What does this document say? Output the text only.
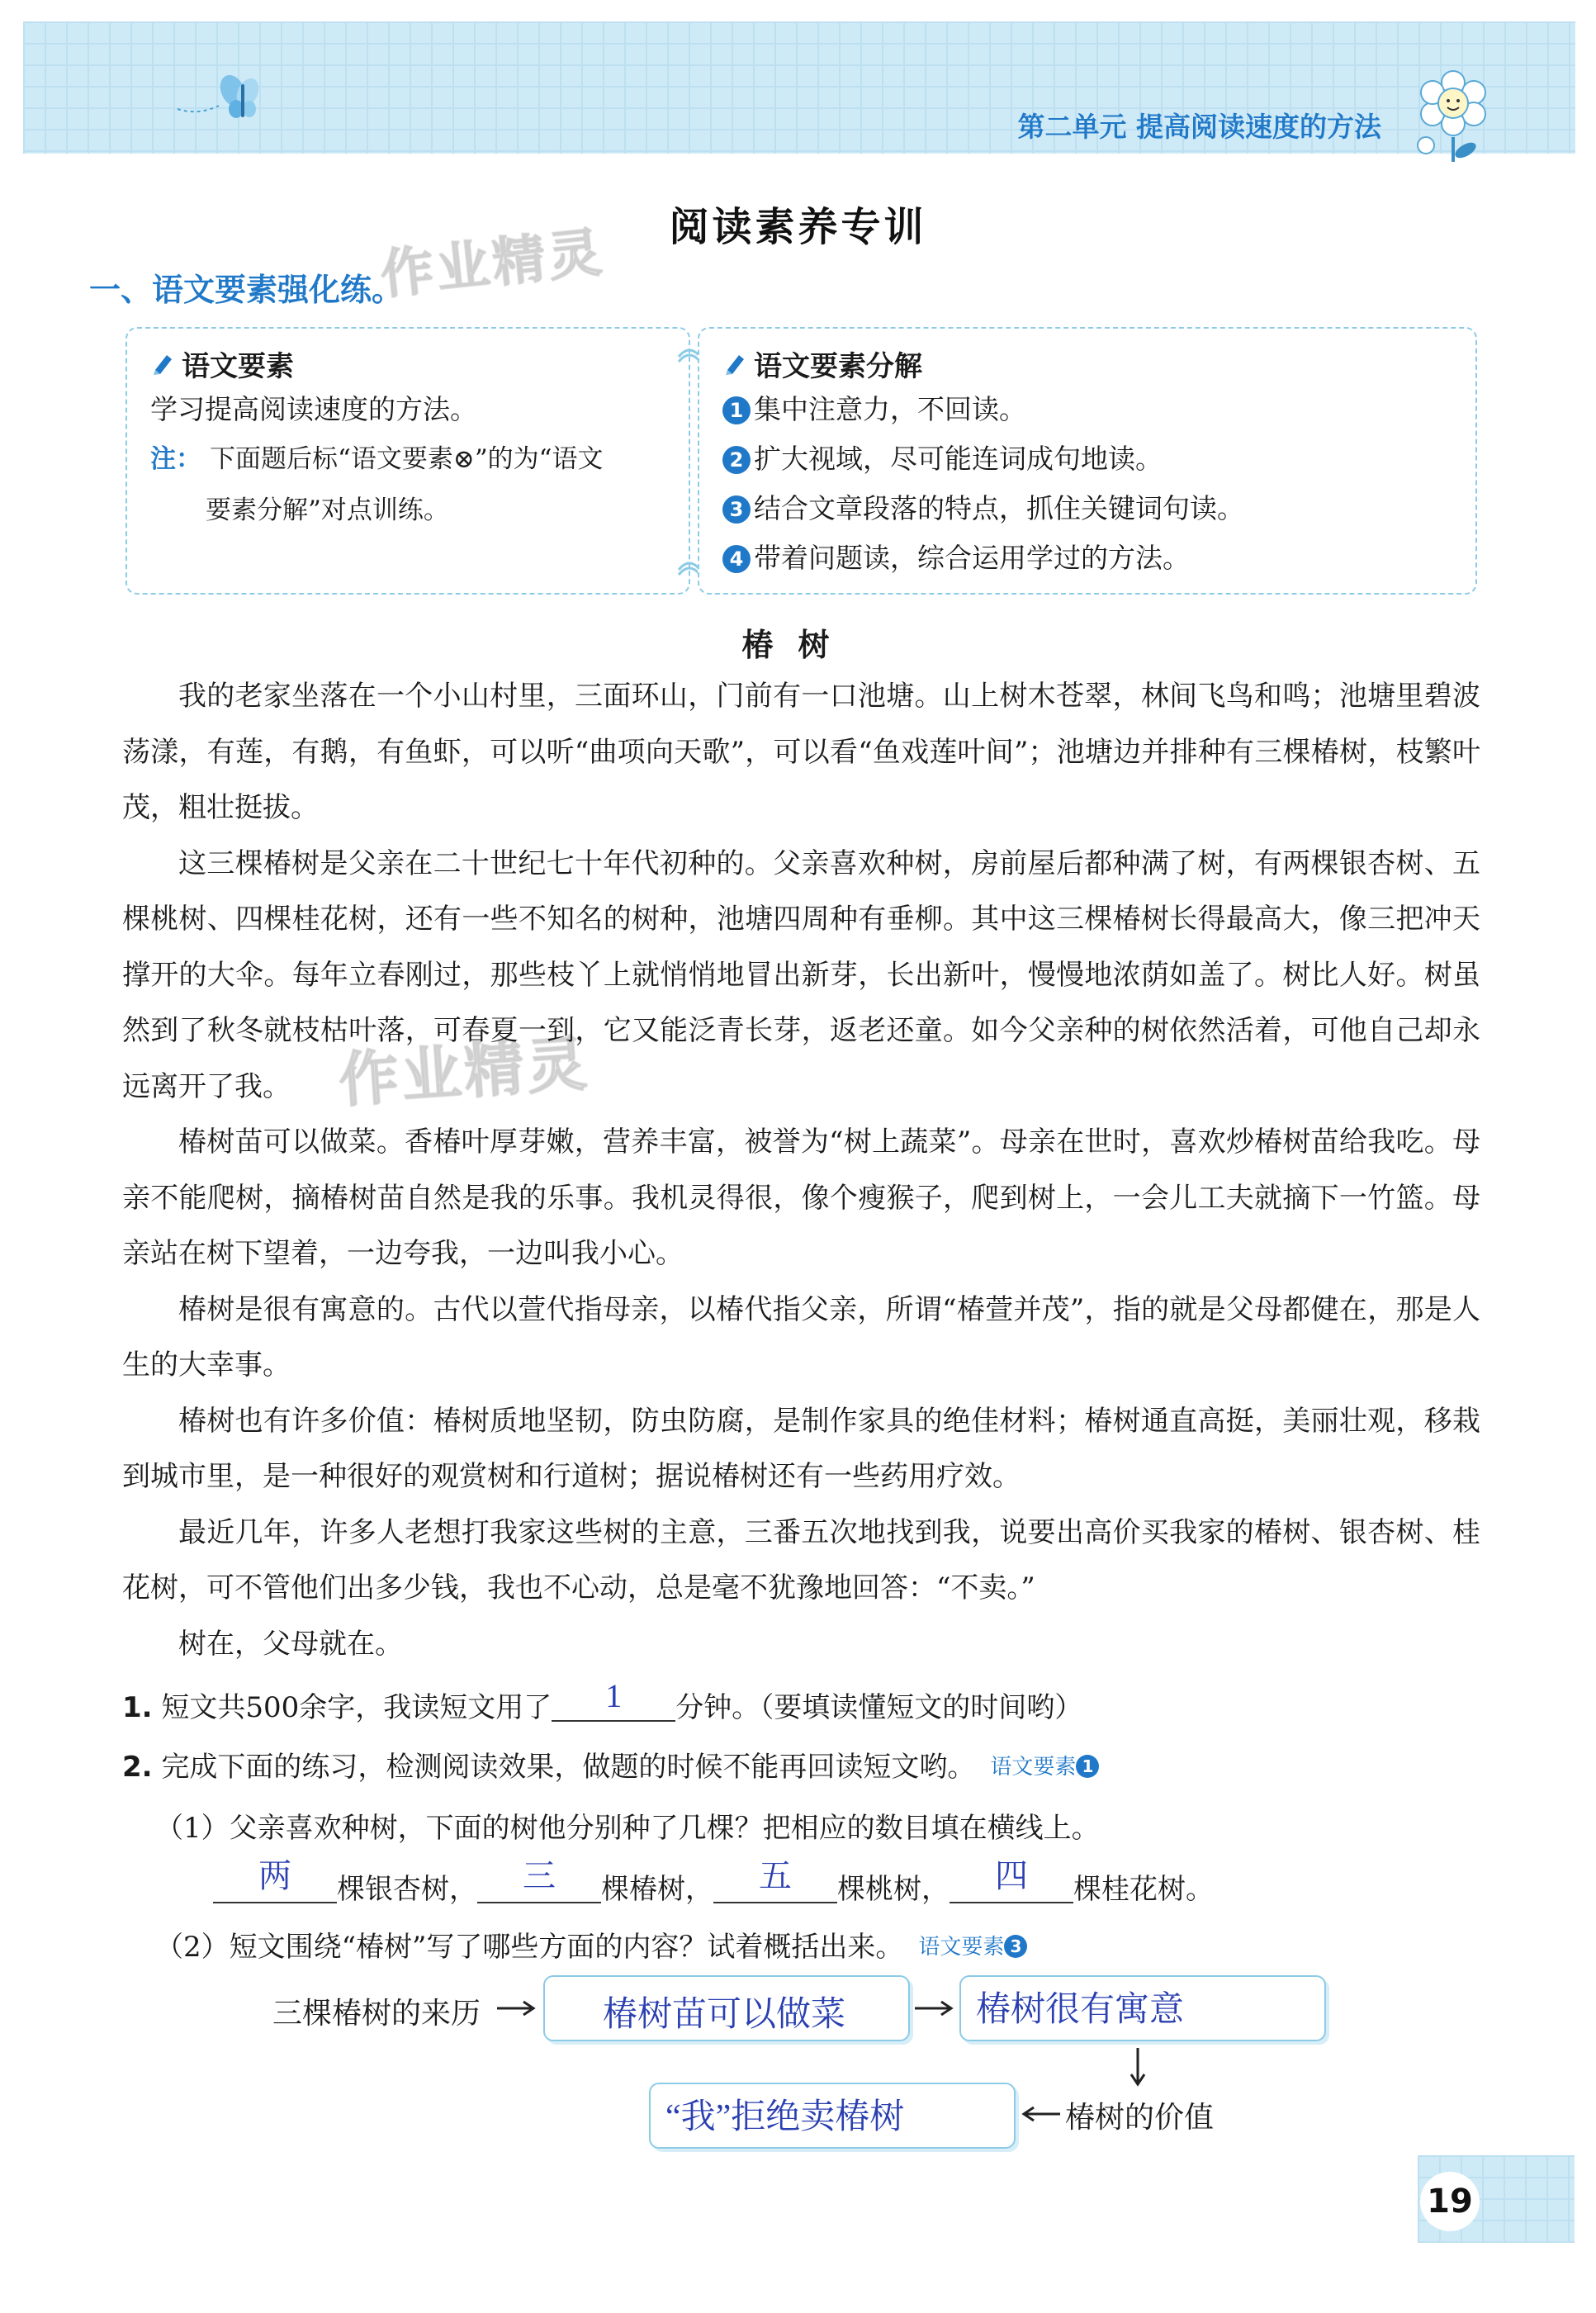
第二单元 提高阅读速度的方法
作业精灵
作业精灵
阅读素养专训
一、语文要素强化练。
语文要素
学习提高阅读速度的方法。
注： 下面题后标“语文要素⊗”的为“语文
要素分解”对点训练。
语文要素分解
1 集中注意力，不回读。
2 扩大视域，尽可能连词成句地读。
3 结合文章段落的特点，抓住关键词句读。
4 带着问题读，综合运用学过的方法。
椿树

我的老家坐落在一个小山村里，三面环山，门前有一口池塘。山上树木苍翠，林间飞鸟和鸣；池塘里碧波荡漾，有莲，有鹅，有鱼虾，可以听“曲项向天歌”，可以看“鱼戏莲叶间”；池塘边并排种有三棵椿树，枝繁叶茂，粗壮挺拔。

这三棵椿树是父亲在二十世纪七十年代初种的。父亲喜欢种树，房前屋后都种满了树，有两棵银杏树、五棵桃树、四棵桂花树，还有一些不知名的树种，池塘四周种有垂柳。其中这三棵椿树长得最高大，像三把冲天撑开的大伞。每年立春刚过，那些枝丫上就悄悄地冒出新芽，长出新叶，慢慢地浓荫如盖了。树比人好。树虽然到了秋冬就枝枯叶落，可春夏一到，它又能泛青长芽，返老还童。如今父亲种的树依然活着，可他自己却永远离开了我。

椿树苗可以做菜。香椿叶厚芽嫩，营养丰富，被誉为“树上蔬菜”。母亲在世时，喜欢炒椿树苗给我吃。母亲不能爬树，摘椿树苗自然是我的乐事。我机灵得很，像个瘦猴子，爬到树上，一会儿工夫就摘下一竹篮。母亲站在树下望着，一边夸我，一边叫我小心。

椿树是很有寓意的。古代以萱代指母亲，以椿代指父亲，所谓“椿萱并茂”，指的就是父母都健在，那是人生的大幸事。

椿树也有许多价值：椿树质地坚韧，防虫防腐，是制作家具的绝佳材料；椿树通直高挺，美丽壮观，移栽到城市里，是一种很好的观赏树和行道树；据说椿树还有一些药用疗效。

最近几年，许多人老想打我家这些树的主意，三番五次地找到我，说要出高价买我家的椿树、银杏树、桂花树，可不管他们出多少钱，我也不心动，总是毫不犹豫地回答：“不卖。”

树在，父母就在。

1. 短文共500余字，我读短文用了	1	分钟。（要填读懂短文的时间哟）
2. 完成下面的练习，检测阅读效果，做题的时候不能再回读短文哟。 语文要素 1
（1）父亲喜欢种树，下面的树他分别种了几棵？把相应的数目填在横线上。
两	棵银杏树，	三	棵椿树，	五	棵桃树，	四	棵桂花树。
（2）短文围绕“椿树”写了哪些方面的内容？试着概括出来。 语文要素 3
三棵椿树的来历	椿树苗可以做菜	椿树很有寓意
“我”拒绝卖椿树	椿树的价值
19
